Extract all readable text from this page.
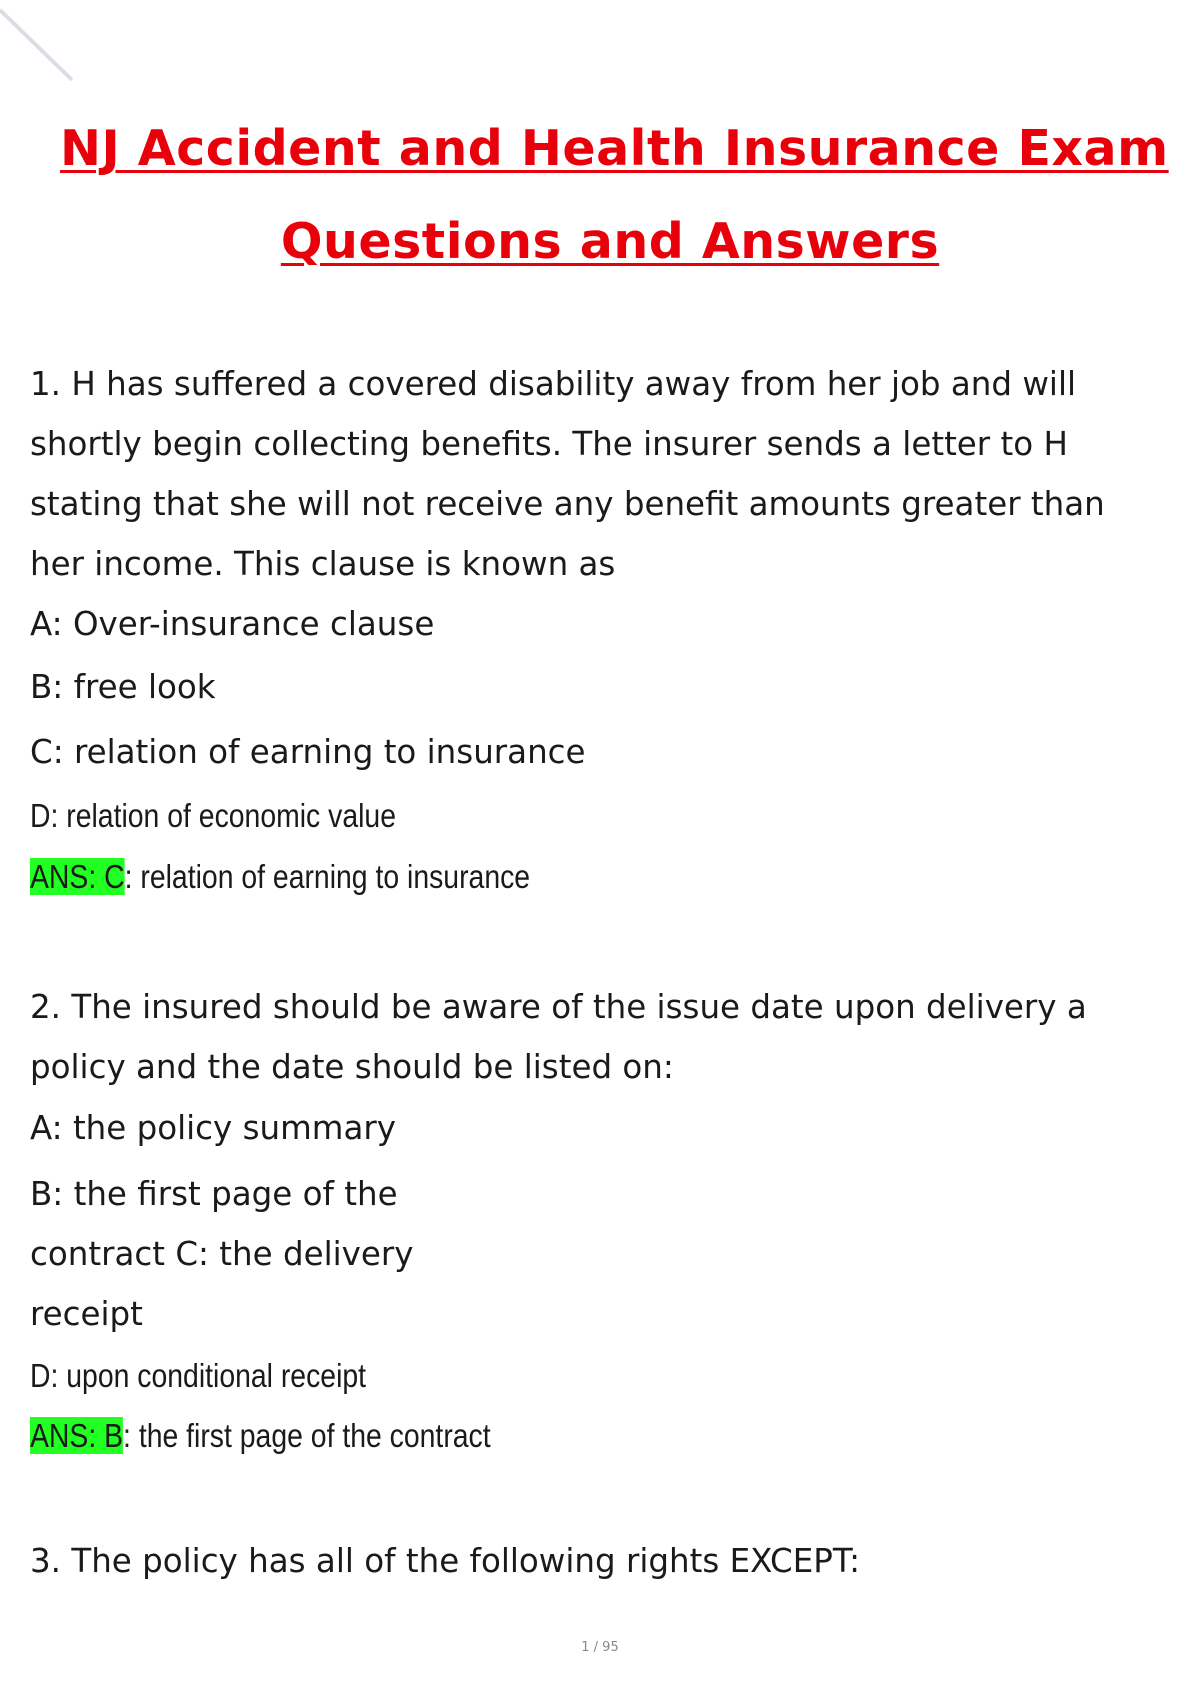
NJ Accident and Health Insurance Exam
Questions and Answers
1. H has suffered a covered disability away from her job and will
shortly begin collecting benefits. The insurer sends a letter to H
stating that she will not receive any benefit amounts greater than
her income. This clause is known as
A: Over-insurance clause
B: free look
C: relation of earning to insurance
D: relation of economic value
ANS: C: relation of earning to insurance
2. The insured should be aware of the issue date upon delivery a
policy and the date should be listed on:
A: the policy summary
B: the first page of the
contract C: the delivery
receipt
D: upon conditional receipt
ANS: B: the first page of the contract
3. The policy has all of the following rights EXCEPT:
1 / 95
